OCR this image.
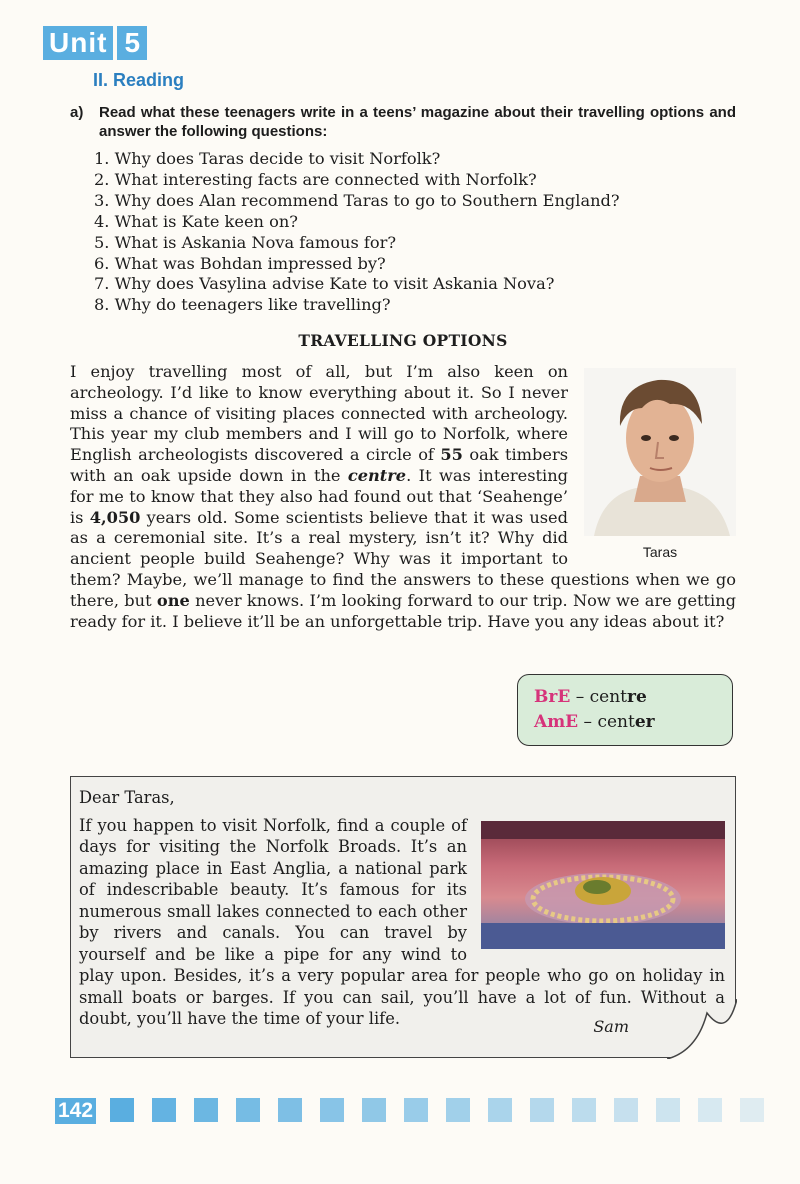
Unit 5
II. Reading
a) Read what these teenagers write in a teens’ magazine about their travelling options and answer the following questions:
1. Why does Taras decide to visit Norfolk?
2. What interesting facts are connected with Norfolk?
3. Why does Alan recommend Taras to go to Southern England?
4. What is Kate keen on?
5. What is Askania Nova famous for?
6. What was Bohdan impressed by?
7. Why does Vasylina advise Kate to visit Askania Nova?
8. Why do teenagers like travelling?
TRAVELLING OPTIONS
Taras

I enjoy travelling most of all, but I’m also keen on archeology. I’d like to know everything about it. So I never miss a chance of visiting places connected with archeology. This year my club members and I will go to Norfolk, where English archeologists discovered a circle of 55 oak timbers with an oak upside down in the centre. It was interesting for me to know that they also had found out that ‘Seahenge’ is 4,050 years old. Some scientists believe that it was used as a ceremonial site. It’s a real mystery, isn’t it? Why did ancient people build Seahenge? Why was it important to them? Maybe, we’ll manage to find the answers to these questions when we go there, but one never knows. I’m looking forward to our trip. Now we are getting ready for it. I believe it’ll be an unforgettable trip. Have you any ideas about it?

BrE – centre
AmE – center

Dear Taras,

If you happen to visit Norfolk, find a couple of days for visiting the Norfolk Broads. It’s an amazing place in East Anglia, a national park of indescribable beauty. It’s famous for its numerous small lakes connected to each other by rivers and canals. You can travel by yourself and be like a pipe for any wind to play upon. Besides, it’s a very popular area for people who go on holiday in small boats or barges. If you can sail, you’ll have a lot of fun. Without a doubt, you’ll have the time of your life.	Sam
142
